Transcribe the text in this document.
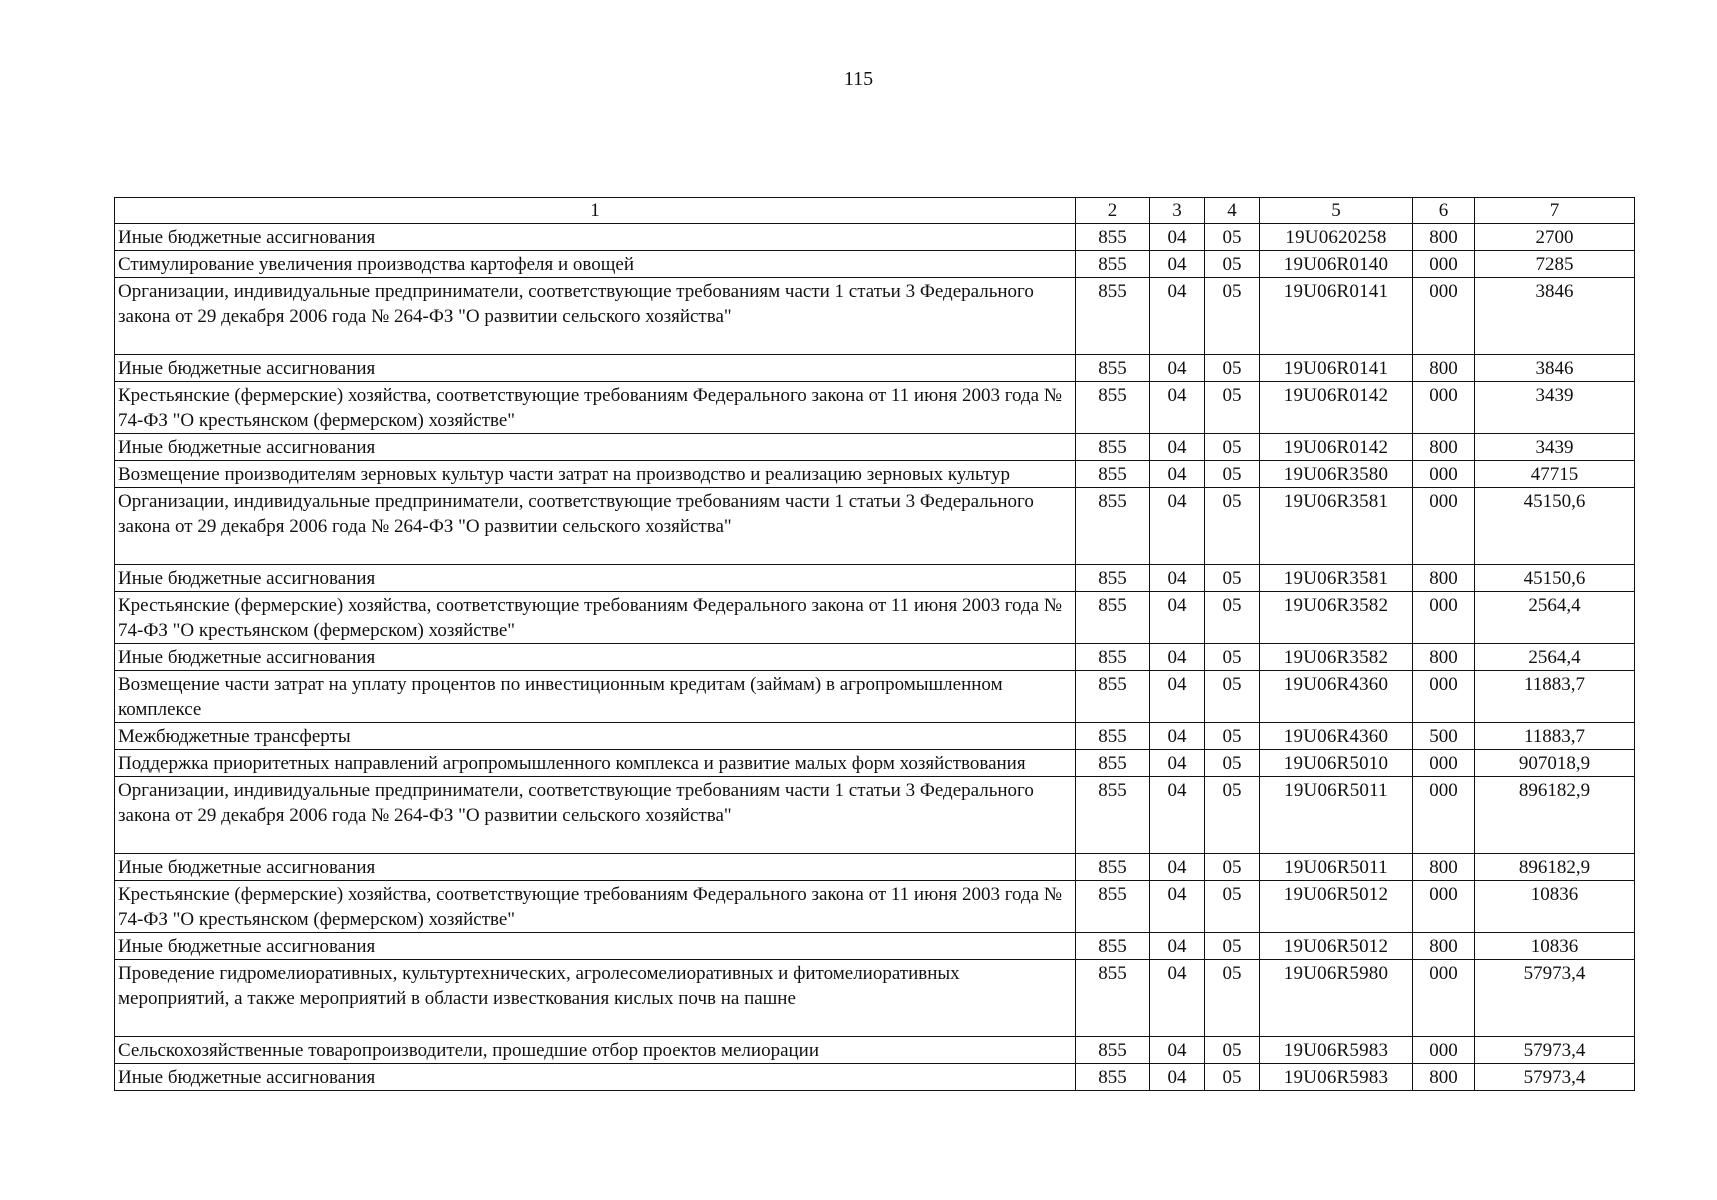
115
1	2	3	4	5	6	7
Иные бюджетные ассигнования	855	04	05	19U0620258	800	2700
Стимулирование увеличения производства картофеля и овощей	855	04	05	19U06R0140	000	7285
Организации, индивидуальные предприниматели, соответствующие требованиям части 1 статьи 3 Федерального закона от 29 декабря 2006 года № 264-ФЗ "О развитии сельского хозяйства"	855	04	05	19U06R0141	000	3846
Иные бюджетные ассигнования	855	04	05	19U06R0141	800	3846
Крестьянские (фермерские) хозяйства, соответствующие требованиям Федерального закона от 11 июня 2003 года № 74-ФЗ "О крестьянском (фермерском) хозяйстве"	855	04	05	19U06R0142	000	3439
Иные бюджетные ассигнования	855	04	05	19U06R0142	800	3439
Возмещение производителям зерновых культур части затрат на производство и реализацию зерновых культур	855	04	05	19U06R3580	000	47715
Организации, индивидуальные предприниматели, соответствующие требованиям части 1 статьи 3 Федерального закона от 29 декабря 2006 года № 264-ФЗ "О развитии сельского хозяйства"	855	04	05	19U06R3581	000	45150,6
Иные бюджетные ассигнования	855	04	05	19U06R3581	800	45150,6
Крестьянские (фермерские) хозяйства, соответствующие требованиям Федерального закона от 11 июня 2003 года № 74-ФЗ "О крестьянском (фермерском) хозяйстве"	855	04	05	19U06R3582	000	2564,4
Иные бюджетные ассигнования	855	04	05	19U06R3582	800	2564,4
Возмещение части затрат на уплату процентов по инвестиционным кредитам (займам) в агропромышленном комплексе	855	04	05	19U06R4360	000	11883,7
Межбюджетные трансферты	855	04	05	19U06R4360	500	11883,7
Поддержка приоритетных направлений агропромышленного комплекса и развитие малых форм хозяйствования	855	04	05	19U06R5010	000	907018,9
Организации, индивидуальные предприниматели, соответствующие требованиям части 1 статьи 3 Федерального закона от 29 декабря 2006 года № 264-ФЗ "О развитии сельского хозяйства"	855	04	05	19U06R5011	000	896182,9
Иные бюджетные ассигнования	855	04	05	19U06R5011	800	896182,9
Крестьянские (фермерские) хозяйства, соответствующие требованиям Федерального закона от 11 июня 2003 года № 74-ФЗ "О крестьянском (фермерском) хозяйстве"	855	04	05	19U06R5012	000	10836
Иные бюджетные ассигнования	855	04	05	19U06R5012	800	10836
Проведение гидромелиоративных, культуртехнических, агролесомелиоративных и фитомелиоративных мероприятий, а также мероприятий в области известкования кислых почв на пашне	855	04	05	19U06R5980	000	57973,4
Сельскохозяйственные товаропроизводители, прошедшие отбор проектов мелиорации	855	04	05	19U06R5983	000	57973,4
Иные бюджетные ассигнования	855	04	05	19U06R5983	800	57973,4
